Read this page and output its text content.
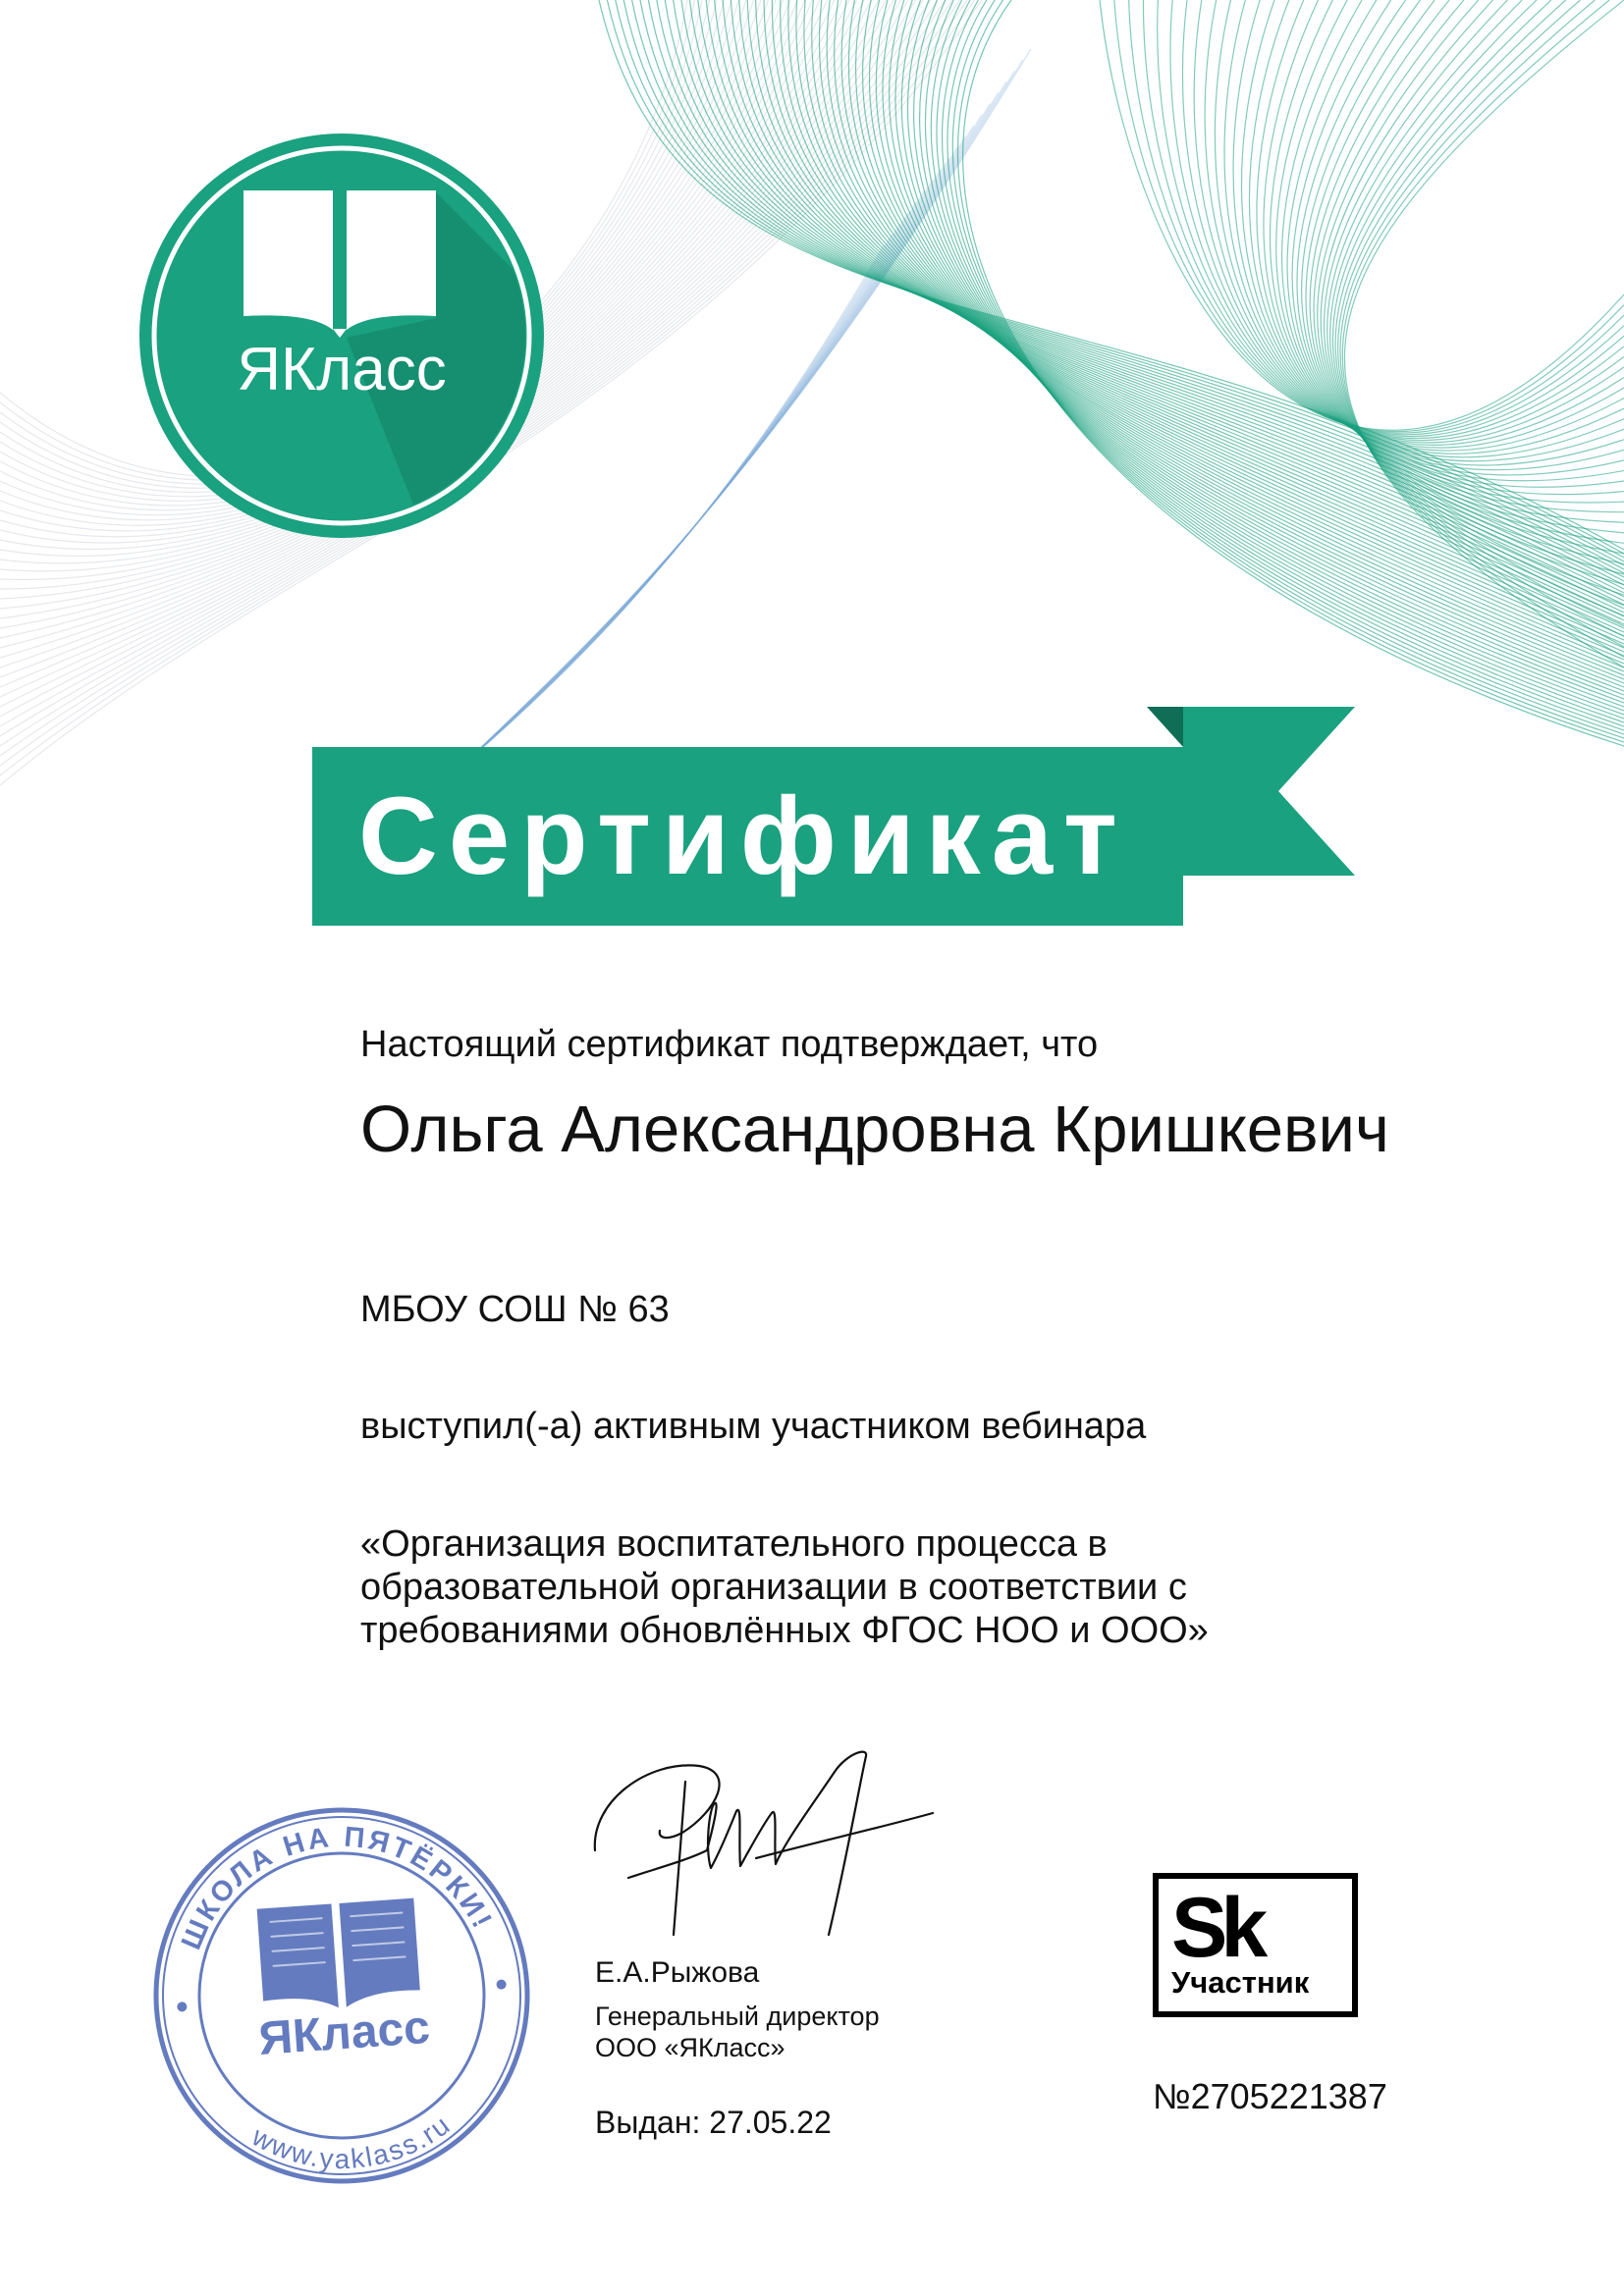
ЯКласс
Сертификат
Настоящий сертификат подтверждает, что
Ольга Александровна Кришкевич
МБОУ СОШ № 63
выступил(-а) активным участником вебинара
«Организация воспитательного процесса в
образовательной организации в соответствии с
требованиями обновлённых ФГОС НОО и ООО»
ШКОЛА НА ПЯТЁРКИ!
www.yaklass.ru
ЯКласс
Е.А.Рыжова
Генеральный директор
ООО «ЯКласс»
Выдан: 27.05.22
Sk
Участник
№2705221387
